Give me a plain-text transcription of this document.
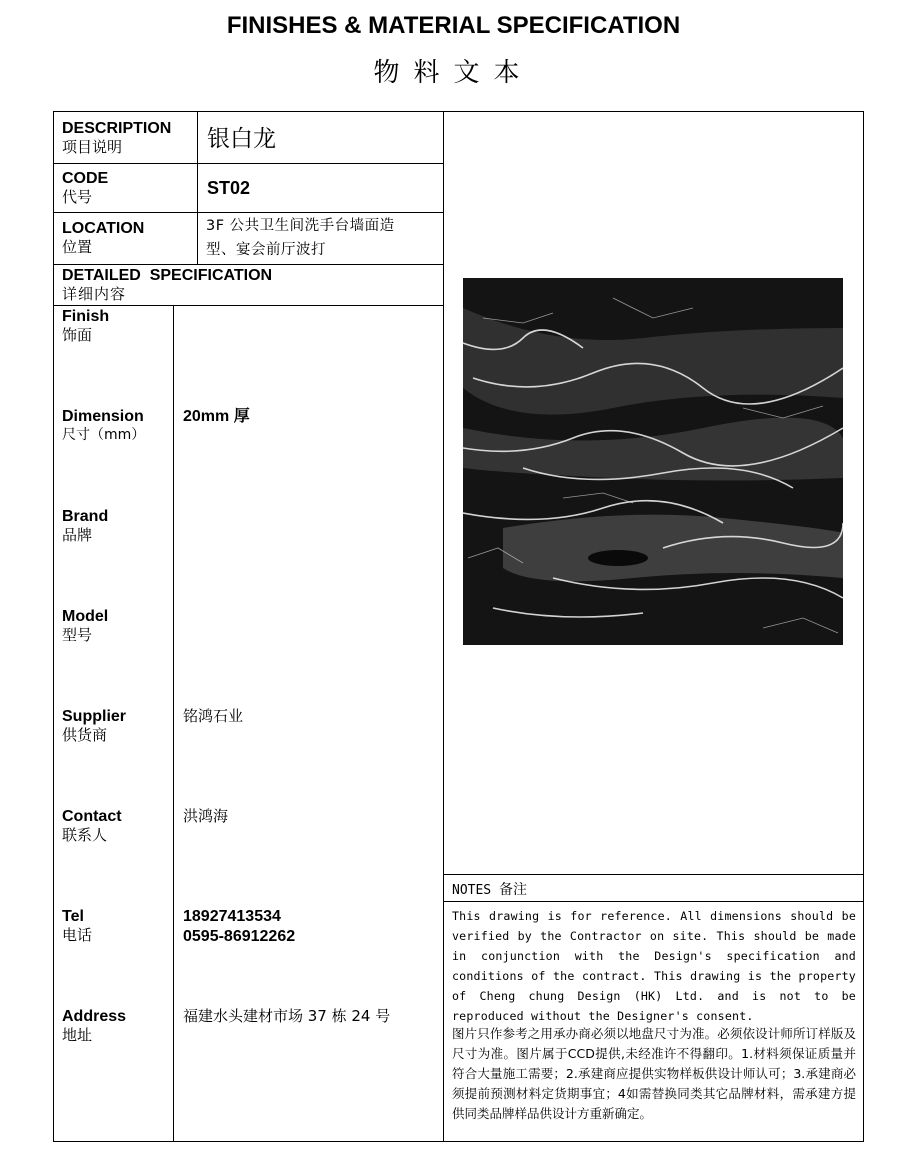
FINISHES & MATERIAL SPECIFICATION
物料文本
DESCRIPTION
项目说明	银白龙
CODE
代号	ST02
LOCATION
位置
3F 公共卫生间洗手台墙面造
型、宴会前厅波打
DETAILED  SPECIFICATION
详细内容
Finish
饰面
Dimension
尺寸（mm）
20mm 厚
Brand
品牌
Model
型号
Supplier
供货商
铭鸿石业
Contact
联系人
洪鸿海
Tel
电话
18927413534
0595-86912262
Address
地址
福建水头建材市场 37 栋 24 号
NOTES 备注
This drawing is for reference. All dimensions should be verified by the Contractor on site. This should be made in conjunction with the Design's specification and conditions of the contract. This drawing is the property of Cheng chung Design (HK) Ltd. and is not to be reproduced without the Designer's consent.
图片只作参考之用承办商必须以地盘尺寸为准。必须依设计师所订样版及尺寸为准。图片属于CCD提供,未经准许不得翻印。1.材料须保证质量并符合大量施工需要；2.承建商应提供实物样板供设计师认可；3.承建商必须提前预测材料定货期事宜；4如需替换同类其它品牌材料，需承建方提供同类品牌样品供设计方重新确定。
